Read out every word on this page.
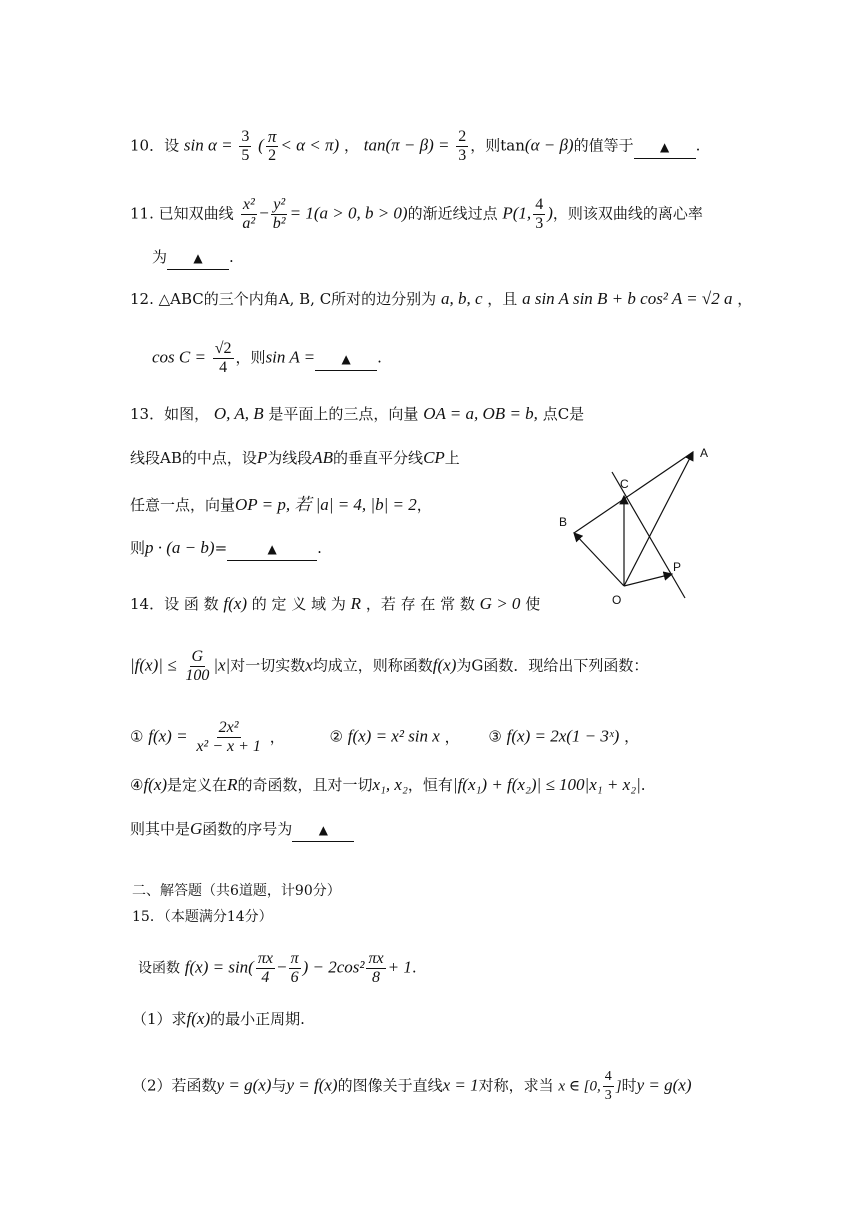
10．设 $\sin \alpha = \frac{3}{5}$ ( $\frac{\pi}{2} < \alpha < \pi$) ， $\tan(\pi - \beta) = \frac{2}{3}$ ，则tan(α − β)的值等于 ▲ .
11. 已知双曲线 $\frac{\text{x²}}{\text{a²}} - \frac{\text{y²}}{\text{b²}} = 1(a > 0$, b > 0)的渐近线过点 P(1, $\frac{4}{3}$ )，则该双曲线的离心率
为 ▲ .
12. △ABC的三个内角A, B, C所对的边分别为 a, b, c ，且 a sin A sin B + b cos² A = √2 a ，
$\cos C = \frac{√2}{4}$ ，则sin A = ▲ .
13．如图， O, A, B 是平面上的三点，向量 OA = a, OB = b, 点C是
线段AB的中点，设P为线段AB的垂直平分线CP上
任意一点，向量OP = p, 若 |a| = 4, |b| = 2，
则p · (a − b)=	▲	.
A
B
C
O
P
14．设 函 数 f(x) 的 定 义 域 为 R ，若 存 在 常 数 G > 0 使
$|f(x)| \le \frac{G}{100} |x|$对一切实数x均成立，则称函数f(x)为G函数．现给出下列函数：
① $f(x) = \frac{\text{2x²}}{\text{x² − x + 1}}$ ，	② f(x) = x² sin x ， ③ f(x) = 2x(1 − 3ˣ) ，
④f(x)是定义在R的奇函数，且对一切x₁, x₂，恒有|f(x₁) + f(x₂)| ≤ 100|x₁ + x₂|.
则其中是G函数的序号为 ▲
二、解答题（共6道题，计90分）
15．（本题满分14分）
设函数 $f(x) = \sin( \frac{\pi x}{4} - \frac{\pi}{6}$ ) − $2\cos^2 \frac{\pi x}{8} + 1$.
（1）求f(x)的最小正周期.
（2）若函数y = g(x)与y = f(x)的图像关于直线x = 1对称，求当 x ∈ [0, $\frac{4}{3}$ ]时y = g(x)
